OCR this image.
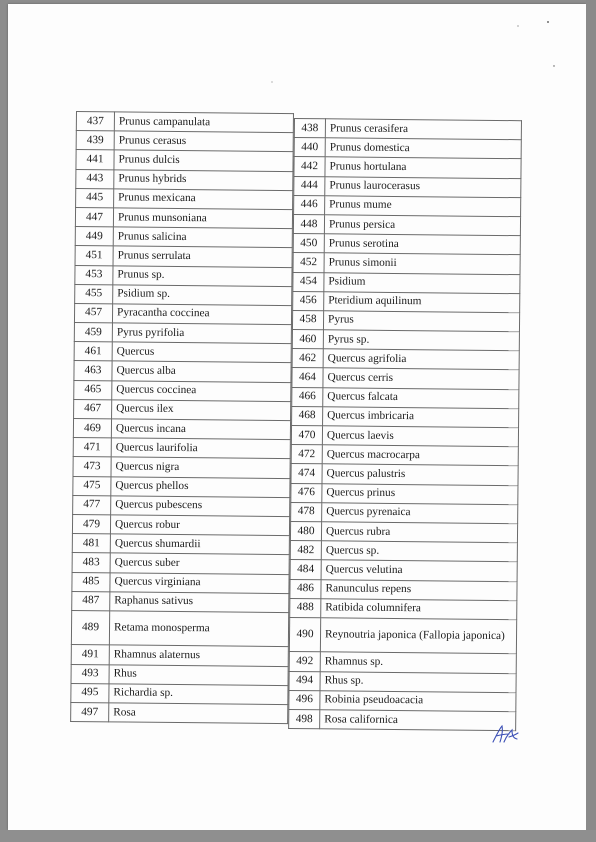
437	Prunus campanulata
439	Prunus cerasus
441	Prunus dulcis
443	Prunus hybrids
445	Prunus mexicana
447	Prunus munsoniana
449	Prunus salicina
451	Prunus serrulata
453	Prunus sp.
455	Psidium sp.
457	Pyracantha coccinea
459	Pyrus pyrifolia
461	Quercus
463	Quercus alba
465	Quercus coccinea
467	Quercus ilex
469	Quercus incana
471	Quercus laurifolia
473	Quercus nigra
475	Quercus phellos
477	Quercus pubescens
479	Quercus robur
481	Quercus shumardii
483	Quercus suber
485	Quercus virginiana
487	Raphanus sativus
489	Retama monosperma
491	Rhamnus alaternus
493	Rhus
495	Richardia sp.
497	Rosa
438	Prunus cerasifera
440	Prunus domestica
442	Prunus hortulana
444	Prunus laurocerasus
446	Prunus mume
448	Prunus persica
450	Prunus serotina
452	Prunus simonii
454	Psidium
456	Pteridium aquilinum
458	Pyrus
460	Pyrus sp.
462	Quercus agrifolia
464	Quercus cerris
466	Quercus falcata
468	Quercus imbricaria
470	Quercus laevis
472	Quercus macrocarpa
474	Quercus palustris
476	Quercus prinus
478	Quercus pyrenaica
480	Quercus rubra
482	Quercus sp.
484	Quercus velutina
486	Ranunculus repens
488	Ratibida columnifera
490	Reynoutria japonica (Fallopia japonica)
492	Rhamnus sp.
494	Rhus sp.
496	Robinia pseudoacacia
498	Rosa californica
